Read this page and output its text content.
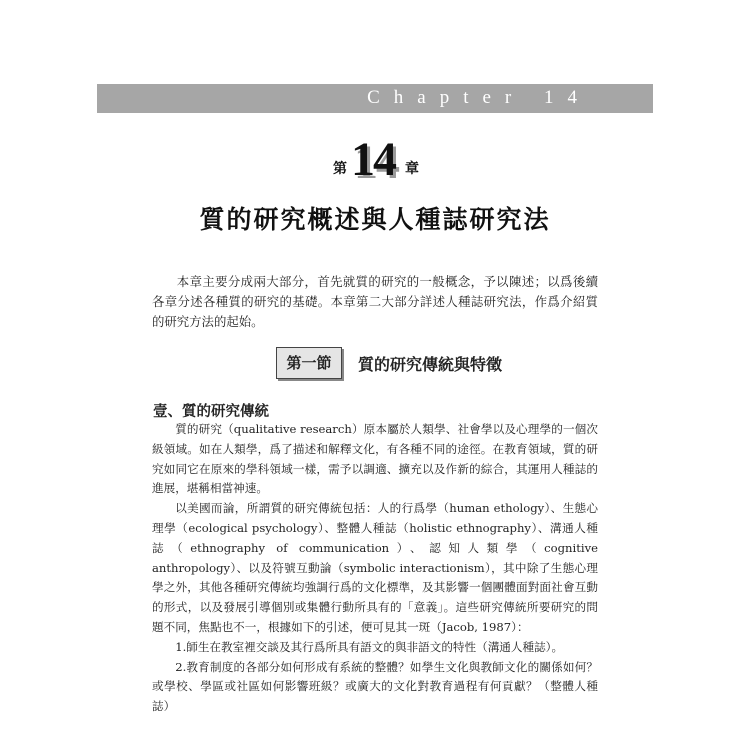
Chapter 14
第 14 章
質的研究概述與人種誌研究法

本章主要分成兩大部分，首先就質的研究的一般概念，予以陳述；以爲後續各章分述各種質的研究的基礎。本章第二大部分詳述人種誌研究法，作爲介紹質的研究方法的起始。

第一節	質的研究傳統與特徵
壹、質的研究傳統

質的研究（qualitative research）原本屬於人類學、社會學以及心理學的一個次級領域。如在人類學，爲了描述和解釋文化，有各種不同的途徑。在教育領域，質的研究如同它在原來的學科領域一樣，需予以調適、擴充以及作新的綜合，其運用人種誌的進展，堪稱相當神速。

以美國而論，所謂質的研究傳統包括：人的行爲學（human ethology）、生態心理學（ecological psychology）、整體人種誌（holistic ethnography）、溝通人種誌（ethnography of communication）、認知人類學（cognitive anthropology）、以及符號互動論（symbolic interactionism），其中除了生態心理學之外，其他各種研究傳統均強調行爲的文化標準，及其影響一個團體面對面社會互動的形式，以及發展引導個別或集體行動所具有的「意義」。這些研究傳統所要研究的問題不同，焦點也不一，根據如下的引述，便可見其一斑（Jacob, 1987）：

1.師生在教室裡交談及其行爲所具有語文的與非語文的特性（溝通人種誌）。

2.教育制度的各部分如何形成有系統的整體？如學生文化與教師文化的關係如何？或學校、學區或社區如何影響班級？或廣大的文化對教育過程有何貢獻？（整體人種誌）
